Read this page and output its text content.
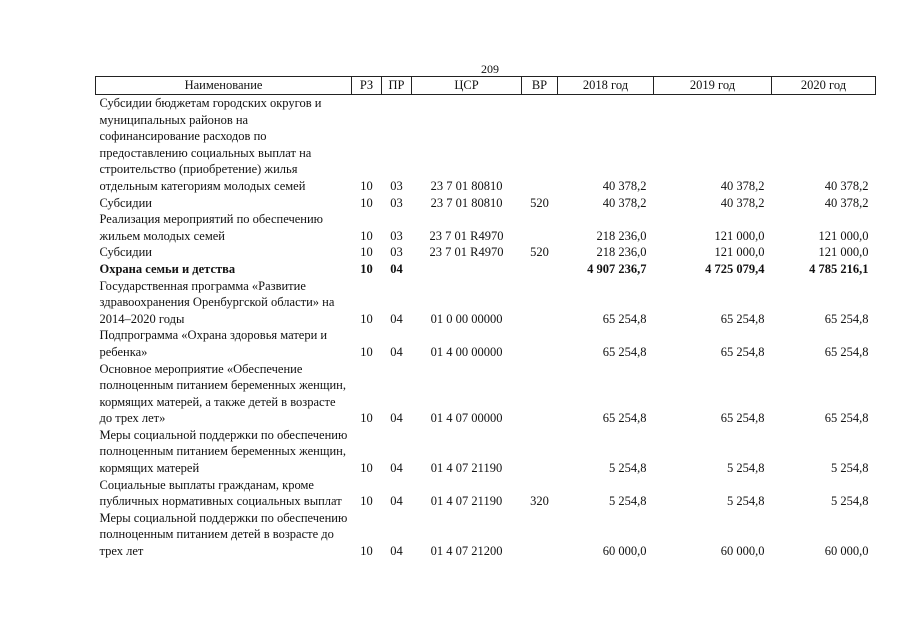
209
Наименование	РЗ	ПР	ЦСР	ВР	2018 год	2019 год	2020 год
Субсидии бюджетам городских округов и муниципальных районов на софинансирование расходов по предоставлению социальных выплат на строительство (приобретение) жилья отдельным категориям молодых семей	10	03	23 7 01 80810		40 378,2	40 378,2	40 378,2
Субсидии	10	03	23 7 01 80810	520	40 378,2	40 378,2	40 378,2
Реализация мероприятий по обеспечению жильем молодых семей	10	03	23 7 01 R4970		218 236,0	121 000,0	121 000,0
Субсидии	10	03	23 7 01 R4970	520	218 236,0	121 000,0	121 000,0
Охрана семьи и детства	10	04			4 907 236,7	4 725 079,4	4 785 216,1
Государственная программа «Развитие здравоохранения Оренбургской области» на 2014–2020 годы	10	04	01 0 00 00000		65 254,8	65 254,8	65 254,8
Подпрограмма «Охрана здоровья матери и ребенка»	10	04	01 4 00 00000		65 254,8	65 254,8	65 254,8
Основное мероприятие «Обеспечение полноценным питанием беременных женщин, кормящих матерей, а также детей в возрасте до трех лет»	10	04	01 4 07 00000		65 254,8	65 254,8	65 254,8
Меры социальной поддержки по обеспечению полноценным питанием беременных женщин, кормящих матерей	10	04	01 4 07 21190		5 254,8	5 254,8	5 254,8
Социальные выплаты гражданам, кроме публичных нормативных социальных выплат	10	04	01 4 07 21190	320	5 254,8	5 254,8	5 254,8
Меры социальной поддержки по обеспечению полноценным питанием детей в возрасте до трех лет	10	04	01 4 07 21200		60 000,0	60 000,0	60 000,0
